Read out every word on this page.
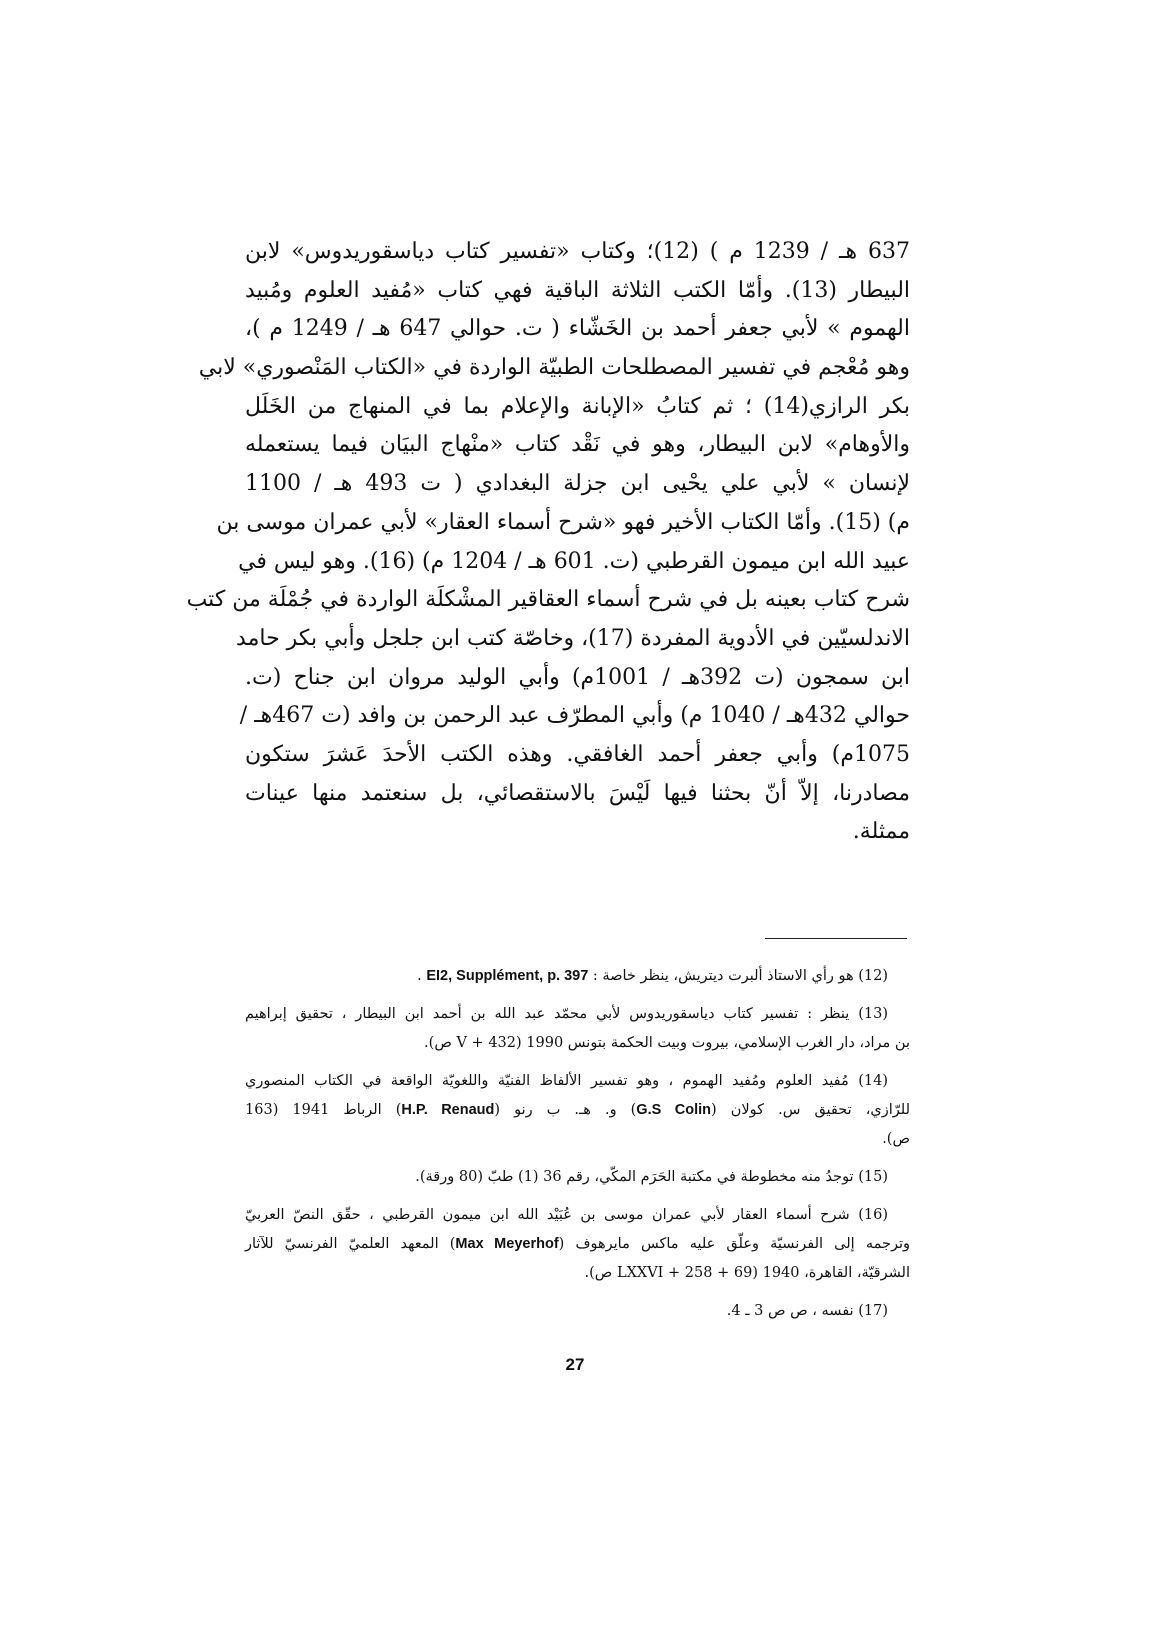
637 هـ / 1239 م ) (12)؛ وكتاب «تفسير كتاب دياسقوريدوس» لابن
البيطار (13). وأمّا الكتب الثلاثة الباقية فهي كتاب «مُفيد العلوم ومُبيد
الهموم » لأبي جعفر أحمد بن الخَشّاء ( ت. حوالي 647 هـ / 1249 م )،
وهو مُعْجم في تفسير المصطلحات الطبيّة الواردة في «الكتاب المَنْصوري» لابي
بكر الرازي(14) ؛ ثم كتابُ «الإبانة والإعلام بما في المنهاج من الخَلَل
والأوهام» لابن البيطار، وهو في نَقْد كتاب «منْهاج البيَان فيما يستعمله
لإنسان » لأبي علي يحْيى ابن جزلة البغدادي ( ت 493 هـ / 1100
م) (15). وأمّا الكتاب الأخير فهو «شرح أسماء العقار» لأبي عمران موسى بن
عبيد الله ابن ميمون القرطبي (ت. 601 هـ / 1204 م) (16). وهو ليس في
شرح كتاب بعينه بل في شرح أسماء العقاقير المشْكلَة الواردة في جُمْلَة من كتب
الاندلسيّين في الأدوية المفردة (17)، وخاصّة كتب ابن جلجل وأبي بكر حامد
ابن سمجون (ت 392هـ / 1001م) وأبي الوليد مروان ابن جناح (ت.
حوالي 432هـ / 1040 م) وأبي المطرّف عبد الرحمن بن وافد (ت 467هـ /
1075م) وأبي جعفر أحمد الغافقي. وهذه الكتب الأحدَ عَشرَ ستكون
مصادرنا، إلاّ أنّ بحثنا فيها لَيْسَ بالاستقصائي، بل سنعتمد منها عينات
ممثلة.
(12) هو رأي الاستاذ ألبرت ديتريش، ينظر خاصة : EI2, Supplément, p. 397 .
(13) ينظر : تفسير كتاب دياسقوريدوس لأبي محمّد عبد الله بن أحمد ابن البيطار ، تحقيق إبراهيم
بن مراد، دار الغرب الإسلامي، بيروت وبيت الحكمة بتونس 1990 (432 + V ص).
(14) مُفيد العلوم ومُفيد الهموم ، وهو تفسير الألفاظ الفنيّة واللغويّة الواقعة في الكتاب المنصوري
للرّازي، تحقيق س. كولان (G.S Colin) و. هـ. ب رنو (H.P. Renaud) الرباط 1941 (163
ص).
(15) توجدُ منه مخطوطة في مكتبة الحَرَم المكّي، رقم 36 (1) طبّ (80 ورقة).
(16) شرح أسماء العقار لأبي عمران موسى بن عُبَيْد الله ابن ميمون القرطبي ، حقّق النصّ العربيّ
وترجمه إلى الفرنسيّة وعلّق عليه ماكس مايرهوف (Max Meyerhof) المعهد العلميّ الفرنسيّ للآثار
الشرقيّة، القاهرة، 1940 (69 + 258 + LXXVI ص).
(17) نفسه ، ص ص 3 ـ 4.
27
